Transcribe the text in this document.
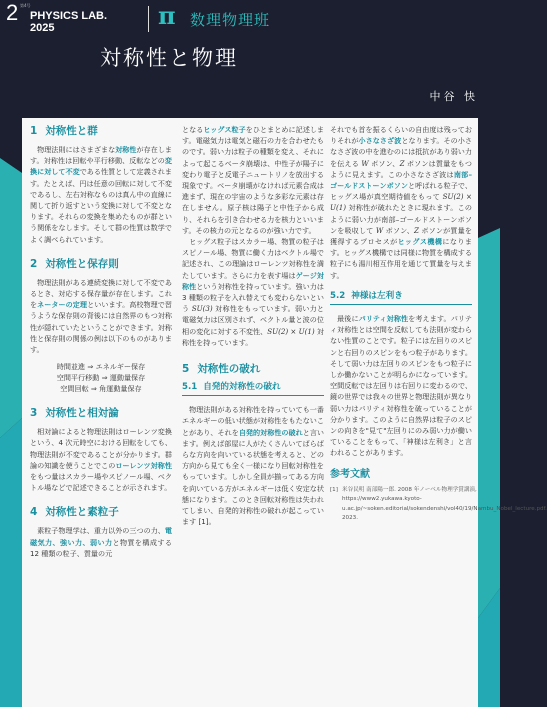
2 第4号
PHYSICS LAB.
2025	π 数理物理班
対称性と物理
中谷 快
1 対称性と群

物理法則にはさまざまな対称性が存在します。対称性は回転や平行移動、反転などの変換に対して不変である性質として定義されます。たとえば、円は任意の回転に対して不変であるし、左右対称なものは真ん中の直線に関して折り返すという変換に対して不変となります。それらの変換を集めたものが群という関係をなします。そして群の性質は数学でよく調べられています。

2 対称性と保存則

物理法則がある連続変換に対して不変であるとき、対応する保存量が存在します。これをネーターの定理といいます。高校物理で習うような保存則の背後には自然界のもつ対称性が隠れていたということができます。対称性と保存則の関係の例は以下のものがあります。

時間並進 ⇒ エネルギー保存
空間平行移動 ⇒ 運動量保存
空間回転 ⇒ 角運動量保存
3 対称性と相対論

相対論によると物理法則はローレンツ変換という、4 次元時空における回転をしても、物理法則が不変であることが分かります。群論の知識を使うことでこのローレンツ対称性をもつ量はスカラー場やスピノール場、ベクトル場などで記述できることが示されます。

4 対称性と素粒子

素粒子物理学は、重力以外の三つの力、電磁気力、強い力、弱い力と物質を構成する 12 種類の粒子、質量の元

となるヒッグス粒子をひとまとめに記述します。電磁気力は電気と磁石の力を合わせたものです。弱い力は粒子の種類を変え、それによって起こるベータ崩壊は、中性子が陽子に変わり電子と反電子ニュートリノを放出する現象です。ベータ崩壊がなければ元素合成は進まず、現在の宇宙のような多彩な元素は存在しません。原子核は陽子と中性子から成り、それらを引き合わせる力を核力といいます。その核力の元となるのが強い力です。

ヒッグス粒子はスカラー場、物質の粒子はスピノール場、物質に働く力はベクトル場で記述され、この理論はローレンツ対称性を満たしています。さらに力を表す場はゲージ対称性という対称性を持っています。強い力は 3 種類の粒子を入れ替えても変わらないという SU(3) 対称性をもっています。弱い力と電磁気力は区別されず、ベクトル量と波の位相の変化に対する不変性、SU(2) × U(1) 対称性を持っています。

5 対称性の破れ
5.1 自発的対称性の破れ

物理法則がある対称性を持っていても一番エネルギーの低い状態が対称性をもたないことがあり、それを自発的対称性の破れと言います。例えば部屋に人がたくさんいてばらばらな方向を向いている状態を考えると、どの方向から見ても全く一様になり回転対称性をもっています。しかし全員が揃ってある方向を向いている方がエネルギーは低く安定な状態になります。このとき回転対称性は失われてしまい、自発的対称性の破れが起こっています [1]。

それでも首を振るくらいの自由度は残っておりそれが小さなさざ波となります。その小さなさざ波の中を進むのには抵抗があり弱い力を伝える W ボソン、Z ボソンは質量をもつように見えます。この小さなさざ波は南部–ゴールドストーンボソンと呼ばれる粒子で、ヒッグス場が真空期待値をもって SU(2) × U(1) 対称性が破れたときに現れます。このように弱い力が南部–ゴールドストーンボソンを吸収して W ボソン、Z ボソンが質量を獲得するプロセスがヒッグス機構になります。ヒッグス機構では同様に物質を構成する粒子にも湯川相互作用を通じて質量を与えます。

5.2 神様は左利き

最後にパリティ対称性を考えます。パリティ対称性とは空間を反転しても法則が変わらない性質のことです。粒子には左回りのスピンと右回りのスピンをもつ粒子があります。そして弱い力は左回りのスピンをもつ粒子にしか働かないことが明らかになっています。空間反転では左回りは右回りに変わるので、鏡の世界では我々の世界と物理法則が異なり弱い力はパリティ対称性を破っていることが分かります。このように自然界は粒子のスピンの向きを"見て"左回りにのみ弱い力が働いていることをもって、「神様は左利き」と言われることがあります。

参考文献
[1] 米谷民明 南部陽一郎. 2008 年ノーベル物理学賞講演, https://www2.yukawa.kyoto-u.ac.jp/~soken.editorial/sokendenshi/vol40/19/Nambu_Nobel_lecture.pdf. 2023.
